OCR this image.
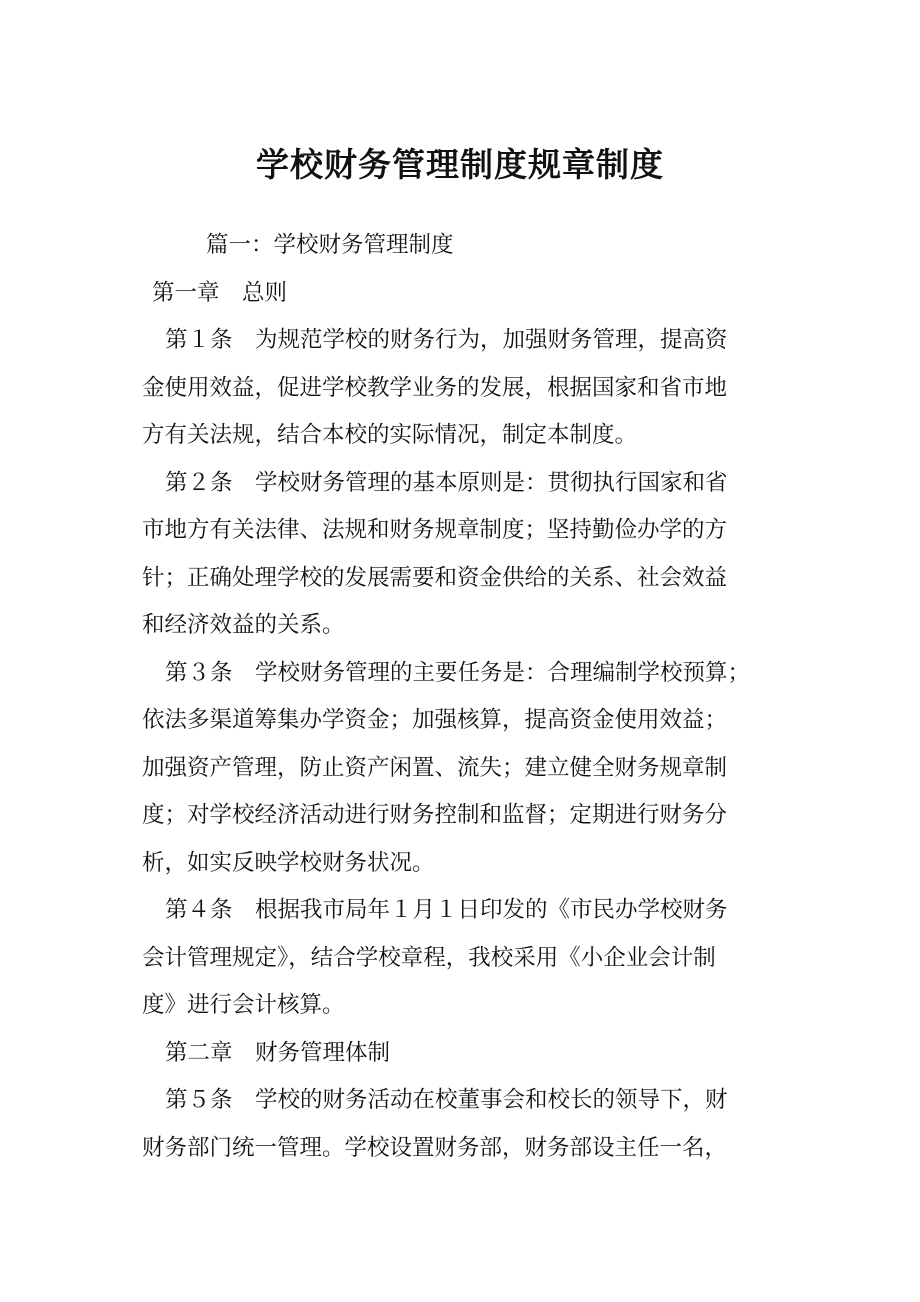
学校财务管理制度规章制度
篇一：学校财务管理制度
第一章　总则
第１条　为规范学校的财务行为，加强财务管理，提高资
金使用效益，促进学校教学业务的发展，根据国家和省市地
方有关法规，结合本校的实际情况，制定本制度。
第２条　学校财务管理的基本原则是：贯彻执行国家和省
市地方有关法律、法规和财务规章制度；坚持勤俭办学的方
针；正确处理学校的发展需要和资金供给的关系、社会效益
和经济效益的关系。
第３条　学校财务管理的主要任务是：合理编制学校预算；
依法多渠道筹集办学资金；加强核算，提高资金使用效益；
加强资产管理，防止资产闲置、流失；建立健全财务规章制
度；对学校经济活动进行财务控制和监督；定期进行财务分
析，如实反映学校财务状况。
第４条　根据我市局年１月１日印发的《市民办学校财务
会计管理规定》，结合学校章程，我校采用《小企业会计制
度》进行会计核算。
第二章　财务管理体制
第５条　学校的财务活动在校董事会和校长的领导下，财
财务部门统一管理。学校设置财务部，财务部设主任一名，
